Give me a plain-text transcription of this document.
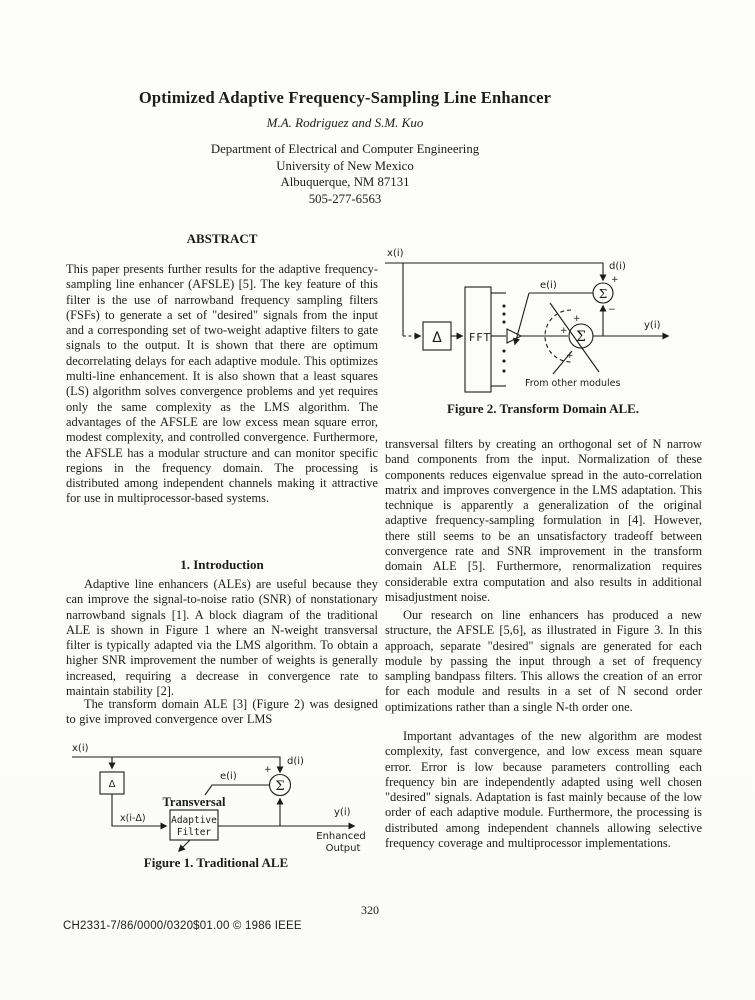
Optimized Adaptive Frequency-Sampling Line Enhancer
M.A. Rodriguez and S.M. Kuo
Department of Electrical and Computer Engineering
University of New Mexico
Albuquerque, NM 87131
505-277-6563
ABSTRACT
This paper presents further results for the adaptive frequency-sampling line enhancer (AFSLE) [5]. The key feature of this filter is the use of narrowband frequency sampling filters (FSFs) to generate a set of "desired" signals from the input and a corresponding set of two-weight adaptive filters to gate signals to the output. It is shown that there are optimum decorrelating delays for each adaptive module. This optimizes multi-line enhancement. It is also shown that a least squares (LS) algorithm solves convergence problems and yet requires only the same complexity as the LMS algorithm. The advantages of the AFSLE are low excess mean square error, modest complexity, and controlled convergence. Furthermore, the AFSLE has a modular structure and can monitor specific regions in the frequency domain. The processing is distributed among independent channels making it attractive for use in multiprocessor-based systems.
1. Introduction
Adaptive line enhancers (ALEs) are useful because they can improve the signal-to-noise ratio (SNR) of nonstationary narrowband signals [1]. A block diagram of the traditional ALE is shown in Figure 1 where an N-weight transversal filter is typically adapted via the LMS algorithm. To obtain a higher SNR improvement the number of weights is generally increased, requiring a decrease in convergence rate to maintain stability [2].
The transform domain ALE [3] (Figure 2) was designed to give improved convergence over LMS
x(i)
+
d(i)
Σ
Δ
x(i-Δ)
Transversal
Adaptive
Filter
e(i)
y(i)
Enhanced
Output
Figure 1. Traditional ALE
x(i)
d(i)
+
−
Σ
Σ
e(i)
Δ FFT	+
+
+
y(i)
From other modules
Figure 2. Transform Domain ALE.
transversal filters by creating an orthogonal set of N narrow band components from the input. Normalization of these components reduces eigenvalue spread in the auto-correlation matrix and improves convergence in the LMS adaptation. This technique is apparently a generalization of the original adaptive frequency-sampling formulation in [4]. However, there still seems to be an unsatisfactory tradeoff between convergence rate and SNR improvement in the transform domain ALE [5]. Furthermore, renormalization requires considerable extra computation and also results in additional misadjustment noise.
Our research on line enhancers has produced a new structure, the AFSLE [5,6], as illustrated in Figure 3. In this approach, separate "desired" signals are generated for each module by passing the input through a set of frequency sampling bandpass filters. This allows the creation of an error for each module and results in a set of N second order optimizations rather than a single N-th order one.
Important advantages of the new algorithm are modest complexity, fast convergence, and low excess mean square error. Error is low because parameters controlling each frequency bin are independently adapted using well chosen "desired" signals. Adaptation is fast mainly because of the low order of each adaptive module. Furthermore, the processing is distributed among independent channels allowing selective frequency coverage and multiprocessor implementations.
320
CH2331-7/86/0000/0320$01.00 © 1986 IEEE
